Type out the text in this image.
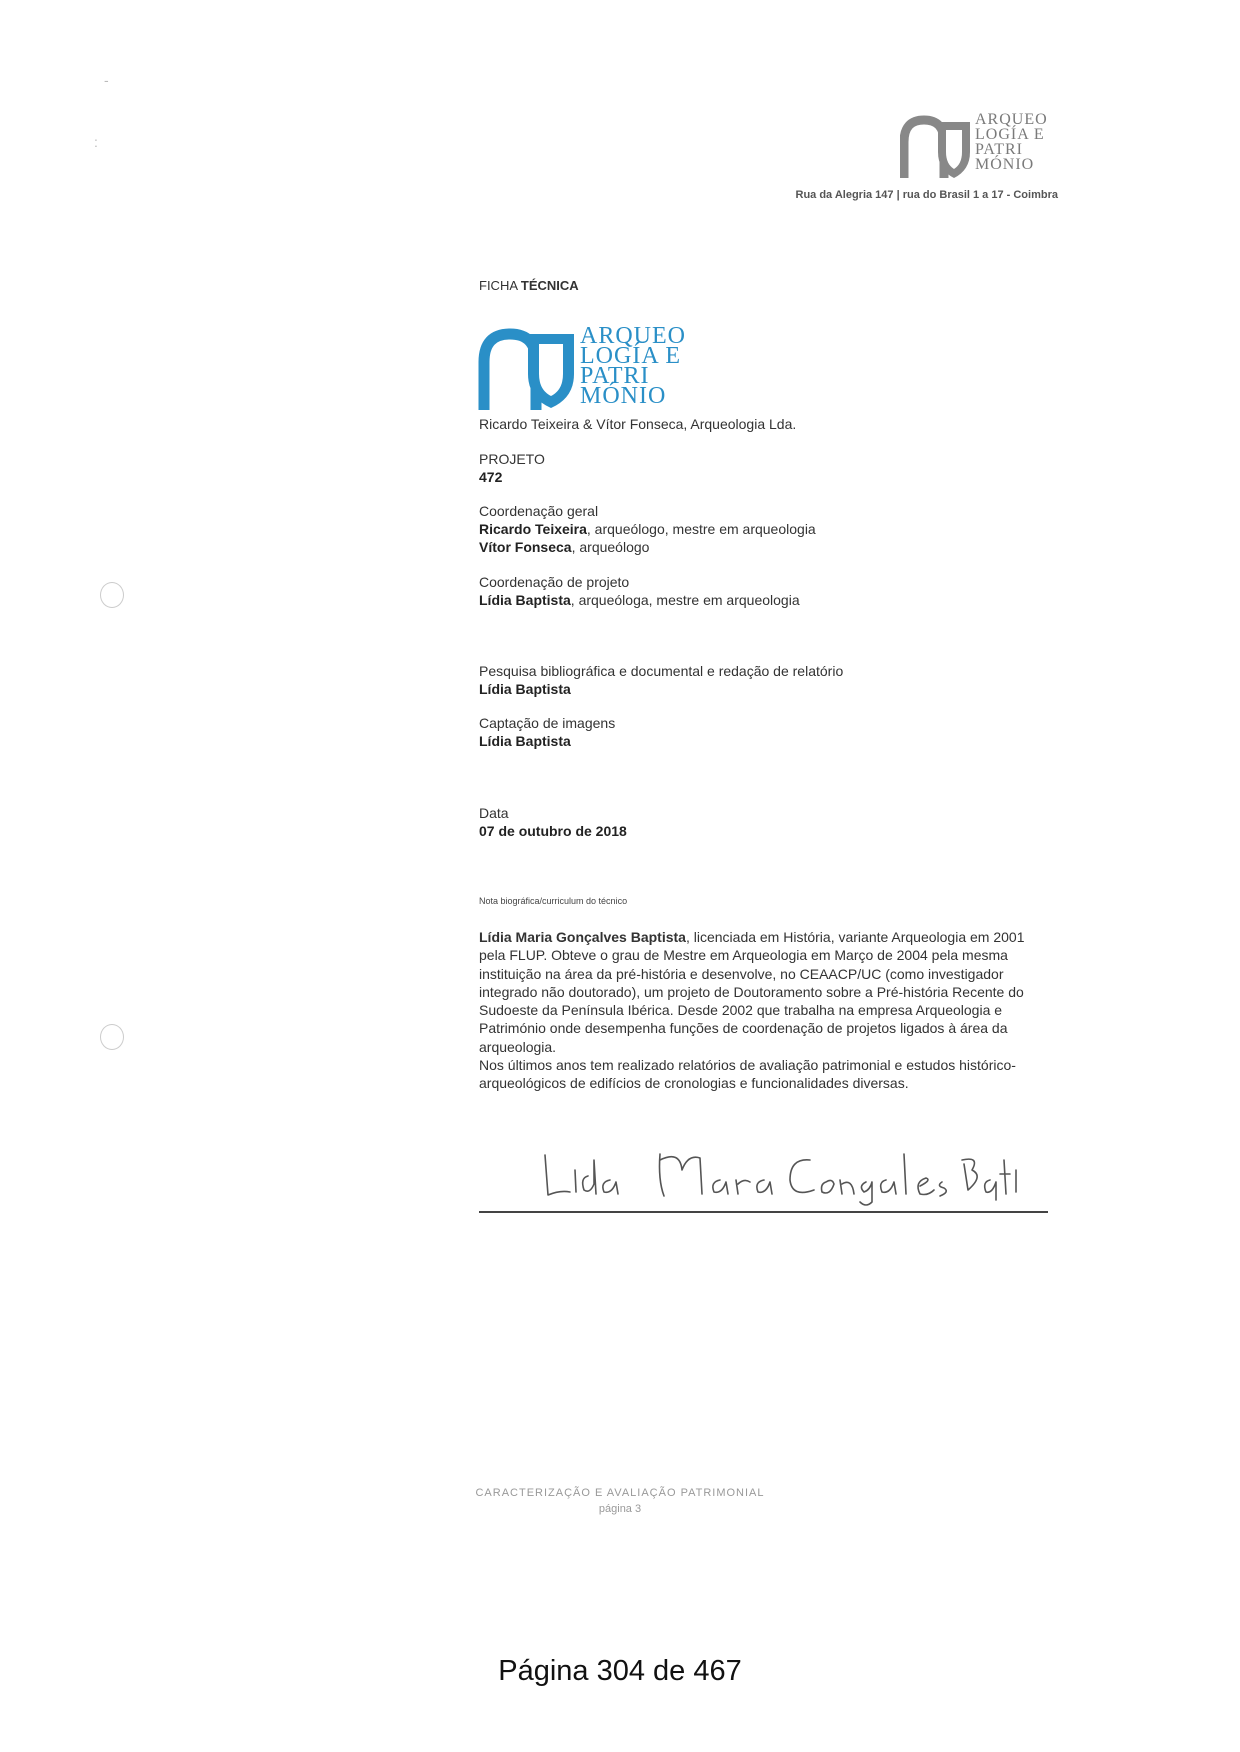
-
:
ARQUEO
LOGÍA E
PATRI
MÓNIO
Rua da Alegria 147 | rua do Brasil 1 a 17 - Coimbra
FICHA TÉCNICA
ARQUEO
LOGÍA E
PATRI
MÓNIO
Ricardo Teixeira & Vítor Fonseca, Arqueologia Lda.
PROJETO
472
Coordenação geral
Ricardo Teixeira, arqueólogo, mestre em arqueologia
Vítor Fonseca, arqueólogo
Coordenação de projeto
Lídia Baptista, arqueóloga, mestre em arqueologia
Pesquisa bibliográfica e documental e redação de relatório
Lídia Baptista
Captação de imagens
Lídia Baptista
Data
07 de outubro de 2018
Nota biográfica/curriculum do técnico
Lídia Maria Gonçalves Baptista, licenciada em História, variante Arqueologia em 2001 pela FLUP. Obteve o grau de Mestre em Arqueologia em Março de 2004 pela mesma instituição na área da pré-história e desenvolve, no CEAACP/UC (como investigador integrado não doutorado), um projeto de Doutoramento sobre a Pré-história Recente do Sudoeste da Península Ibérica. Desde 2002 que trabalha na empresa Arqueologia e Património onde desempenha funções de coordenação de projetos ligados à área da arqueologia.
Nos últimos anos tem realizado relatórios de avaliação patrimonial e estudos histórico-arqueológicos de edifícios de cronologias e funcionalidades diversas.
CARACTERIZAÇÃO E AVALIAÇÃO PATRIMONIAL
página 3
Página 304 de 467
